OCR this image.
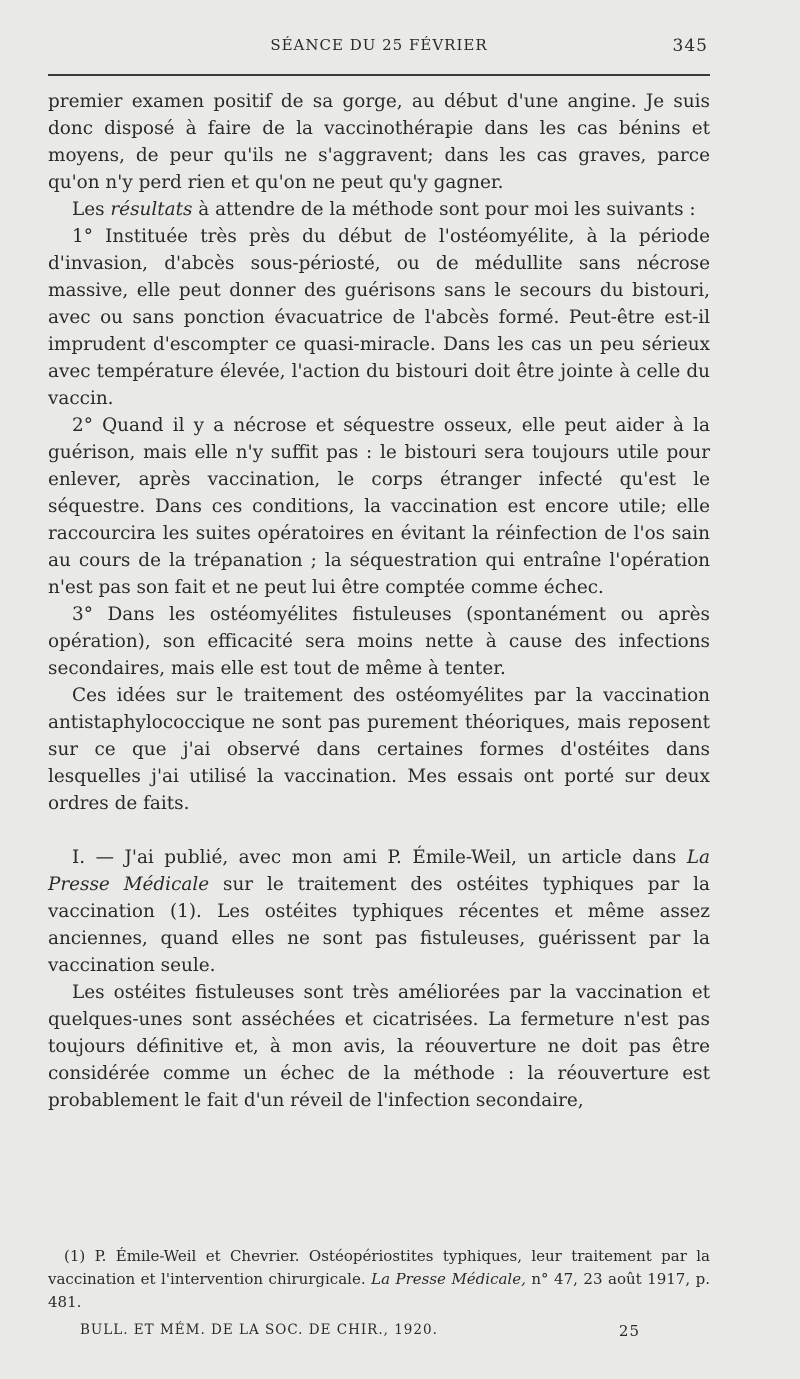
SÉANCE DU 25 FÉVRIER	345

premier examen positif de sa gorge, au début d'une angine. Je suis donc disposé à faire de la vaccinothérapie dans les cas bénins et moyens, de peur qu'ils ne s'aggravent; dans les cas graves, parce qu'on n'y perd rien et qu'on ne peut qu'y gagner.

Les résultats à attendre de la méthode sont pour moi les suivants :

1° Instituée très près du début de l'ostéomyélite, à la période d'invasion, d'abcès sous-périosté, ou de médullite sans nécrose massive, elle peut donner des guérisons sans le secours du bistouri, avec ou sans ponction évacuatrice de l'abcès formé. Peut-être est-il imprudent d'escompter ce quasi-miracle. Dans les cas un peu sérieux avec température élevée, l'action du bistouri doit être jointe à celle du vaccin.

2° Quand il y a nécrose et séquestre osseux, elle peut aider à la guérison, mais elle n'y suffit pas : le bistouri sera toujours utile pour enlever, après vaccination, le corps étranger infecté qu'est le séquestre. Dans ces conditions, la vaccination est encore utile; elle raccourcira les suites opératoires en évitant la réinfection de l'os sain au cours de la trépanation ; la séquestration qui entraîne l'opération n'est pas son fait et ne peut lui être comptée comme échec.

3° Dans les ostéomyélites fistuleuses (spontanément ou après opération), son efficacité sera moins nette à cause des infections secondaires, mais elle est tout de même à tenter.

Ces idées sur le traitement des ostéomyélites par la vaccination antistaphylococcique ne sont pas purement théoriques, mais reposent sur ce que j'ai observé dans certaines formes d'ostéites dans lesquelles j'ai utilisé la vaccination. Mes essais ont porté sur deux ordres de faits.

I. — J'ai publié, avec mon ami P. Émile-Weil, un article dans La Presse Médicale sur le traitement des ostéites typhiques par la vaccination (1). Les ostéites typhiques récentes et même assez anciennes, quand elles ne sont pas fistuleuses, guérissent par la vaccination seule.

Les ostéites fistuleuses sont très améliorées par la vaccination et quelques-unes sont asséchées et cicatrisées. La fermeture n'est pas toujours définitive et, à mon avis, la réouverture ne doit pas être considérée comme un échec de la méthode : la réouverture est probablement le fait d'un réveil de l'infection secondaire,

(1) P. Émile-Weil et Chevrier. Ostéopériostites typhiques, leur traitement par la vaccination et l'intervention chirurgicale. La Presse Médicale, n° 47, 23 août 1917, p. 481.

BULL. ET MÉM. DE LA SOC. DE CHIR., 1920.	25
